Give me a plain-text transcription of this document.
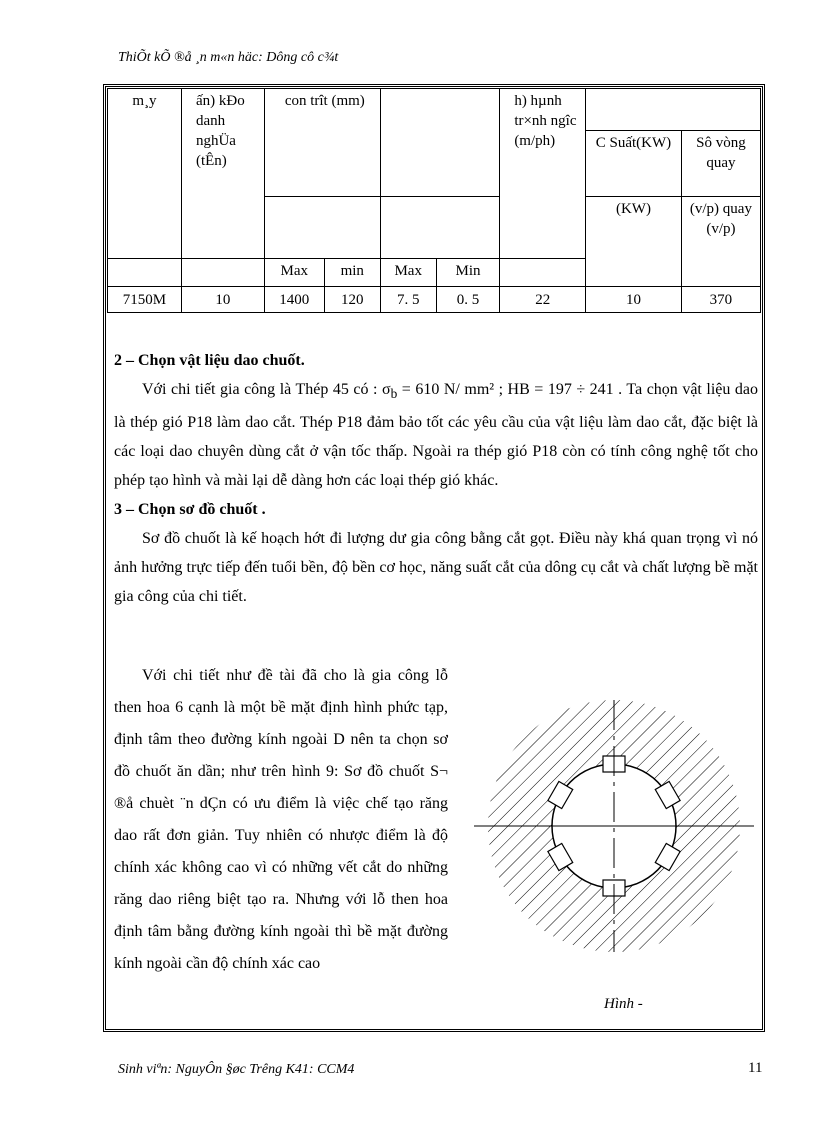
ThiÕt kÕ ®å ¸n m«n häc: Dông cô c¾t
m¸y	ấn) kĐo danh nghÜa (tÊn)	con trît (mm)				h) hµnh tr×nh ngîc (m/ph)		
							C Suất(KW)	Sô vòng quay
							(KW)	(v/p) quay (v/p)
		Max	min	Max	Min			
7150M	10	1400	120	7. 5	0. 5	22	10	370
2 – Chọn vật liệu dao chuốt.
Với chi tiết gia công là Thép 45 có : $\sigma_b = 610$ N/ mm² ; HB = 197 ÷ 241 . Ta chọn vật liệu dao là thép gió P18 làm dao cắt. Thép P18 đảm bảo tốt các yêu cầu của vật liệu làm dao cắt, đặc biệt là các loại dao chuyên dùng cắt ở vận tốc thấp. Ngoài ra thép gió P18 còn có tính công nghệ tốt cho phép tạo hình và mài lại dễ dàng hơn các loại thép gió khác.
3 – Chọn sơ đồ chuốt .
Sơ đồ chuốt là kế hoạch hớt đi lượng dư gia công bằng cắt gọt. Điều này khá quan trọng vì nó ảnh hưởng trực tiếp đến tuổi bền, độ bền cơ học, năng suất cắt của dông cụ cắt và chất lượng bề mặt gia công của chi tiết.
Với chi tiết như đề tài đã cho là gia công lỗ then hoa 6 cạnh là một bề mặt định hình phức tạp, định tâm theo đường kính ngoài D nên ta chọn sơ đồ chuốt ăn dần; như trên hình 9: Sơ đồ chuốt S¬ ®å chuèt ¨n dÇn có ưu điểm là việc chế tạo răng dao rất đơn giản. Tuy nhiên có nhược điểm là độ chính xác không cao vì có những vết cắt do những răng dao riêng biệt tạo ra. Nhưng với lỗ then hoa định tâm bằng đường kính ngoài thì bề mặt đường kính ngoài cần độ chính xác cao
Hình -
Sinh viªn: NguyÔn §øc Trêng K41: CCM4	11
